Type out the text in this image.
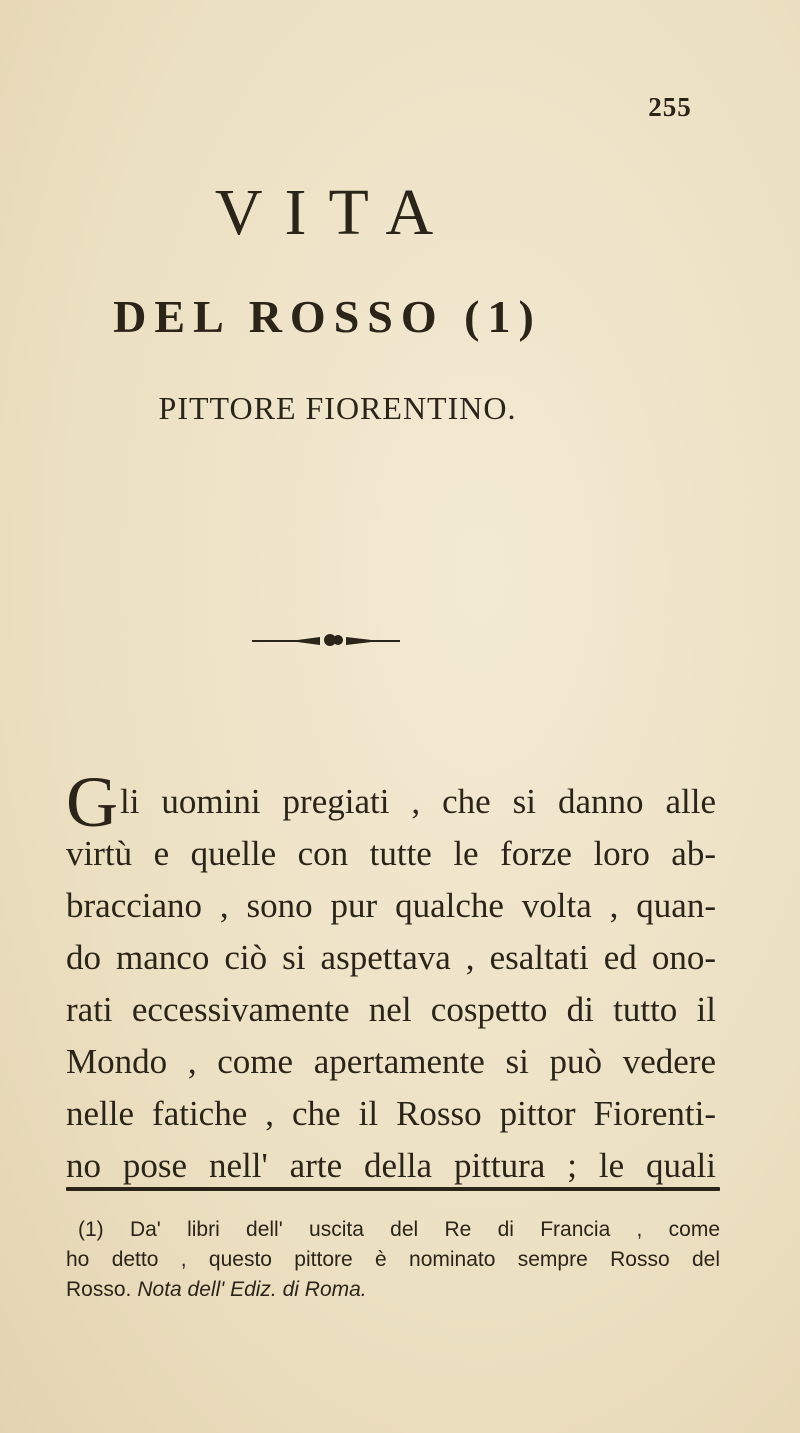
255
VITA
DEL ROSSO (1)
PITTORE FIORENTINO.
G li uomini pregiati , che si danno alle
virtù e quelle con tutte le forze loro ab-
bracciano , sono pur qualche volta , quan-
do manco ciò si aspettava , esaltati ed ono-
rati eccessivamente nel cospetto di tutto il
Mondo , come apertamente si può vedere
nelle fatiche , che il Rosso pittor Fiorenti-
no pose nell' arte della pittura ; le quali
(1) Da' libri dell' uscita del Re di Francia , come
ho detto , questo pittore è nominato sempre Rosso del
Rosso. Nota dell' Ediz. di Roma.
